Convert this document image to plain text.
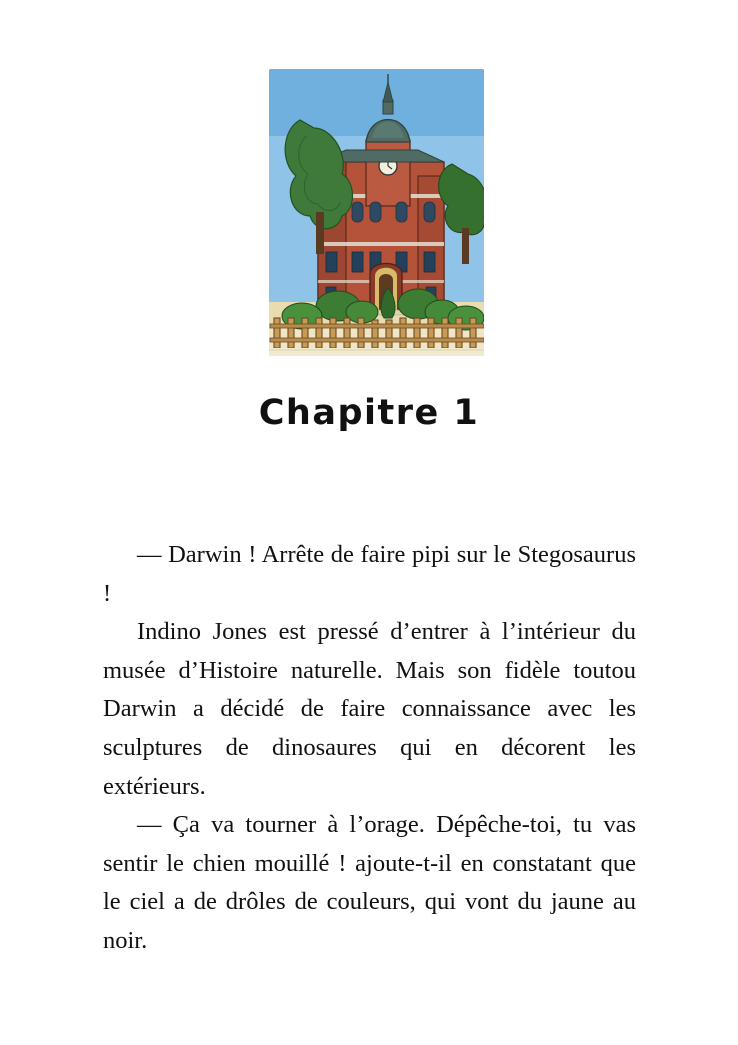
Chapitre 1

— Darwin ! Arrête de faire pipi sur le Stegosaurus !

Indino Jones est pressé d’entrer à l’intérieur du musée d’Histoire naturelle. Mais son fidèle toutou Darwin a décidé de faire connaissance avec les sculptures de dinosaures qui en décorent les extérieurs.

— Ça va tourner à l’orage. Dépêche-toi, tu vas sentir le chien mouillé ! ajoute-t-il en constatant que le ciel a de drôles de couleurs, qui vont du jaune au noir.
